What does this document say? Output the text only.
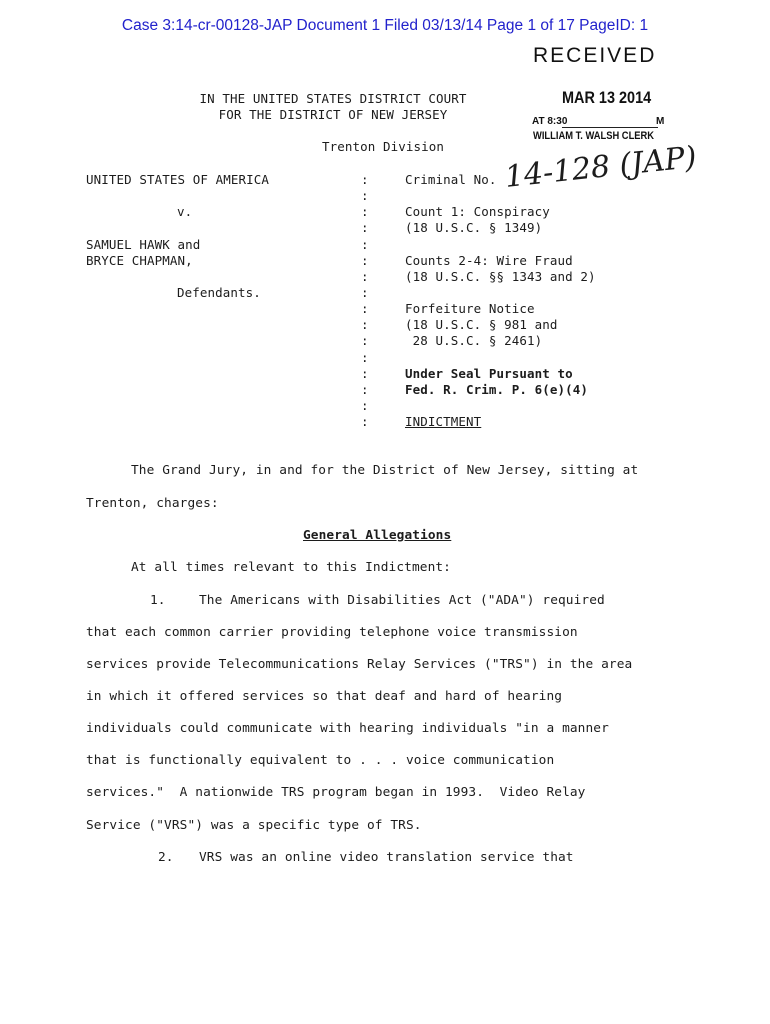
Case 3:14-cr-00128-JAP Document 1 Filed 03/13/14 Page 1 of 17 PageID: 1
RECEIVED
MAR 13 2014
AT 8:30	M
WILLIAM T. WALSH CLERK
IN THE UNITED STATES DISTRICT COURT
FOR THE DISTRICT OF NEW JERSEY
Trenton Division
UNITED STATES OF AMERICA
v.
SAMUEL HAWK and
BRYCE CHAPMAN,
Defendants.
:
:
:
:
:
:
:
:
:
:
:
:
:
:
:
:
Criminal No. 14-128 (JAP)
Count 1: Conspiracy
(18 U.S.C. § 1349)
Counts 2-4: Wire Fraud
(18 U.S.C. §§ 1343 and 2)
Forfeiture Notice
(18 U.S.C. § 981 and
28 U.S.C. § 2461)
Under Seal Pursuant to
Fed. R. Crim. P. 6(e)(4)
INDICTMENT
The Grand Jury, in and for the District of New Jersey, sitting at
Trenton, charges:
General Allegations
At all times relevant to this Indictment:
1.	The Americans with Disabilities Act ("ADA") required
that each common carrier providing telephone voice transmission
services provide Telecommunications Relay Services ("TRS") in the area
in which it offered services so that deaf and hard of hearing
individuals could communicate with hearing individuals "in a manner
that is functionally equivalent to . . . voice communication
services."  A nationwide TRS program began in 1993.  Video Relay
Service ("VRS") was a specific type of TRS.
2. VRS was an online video translation service that
